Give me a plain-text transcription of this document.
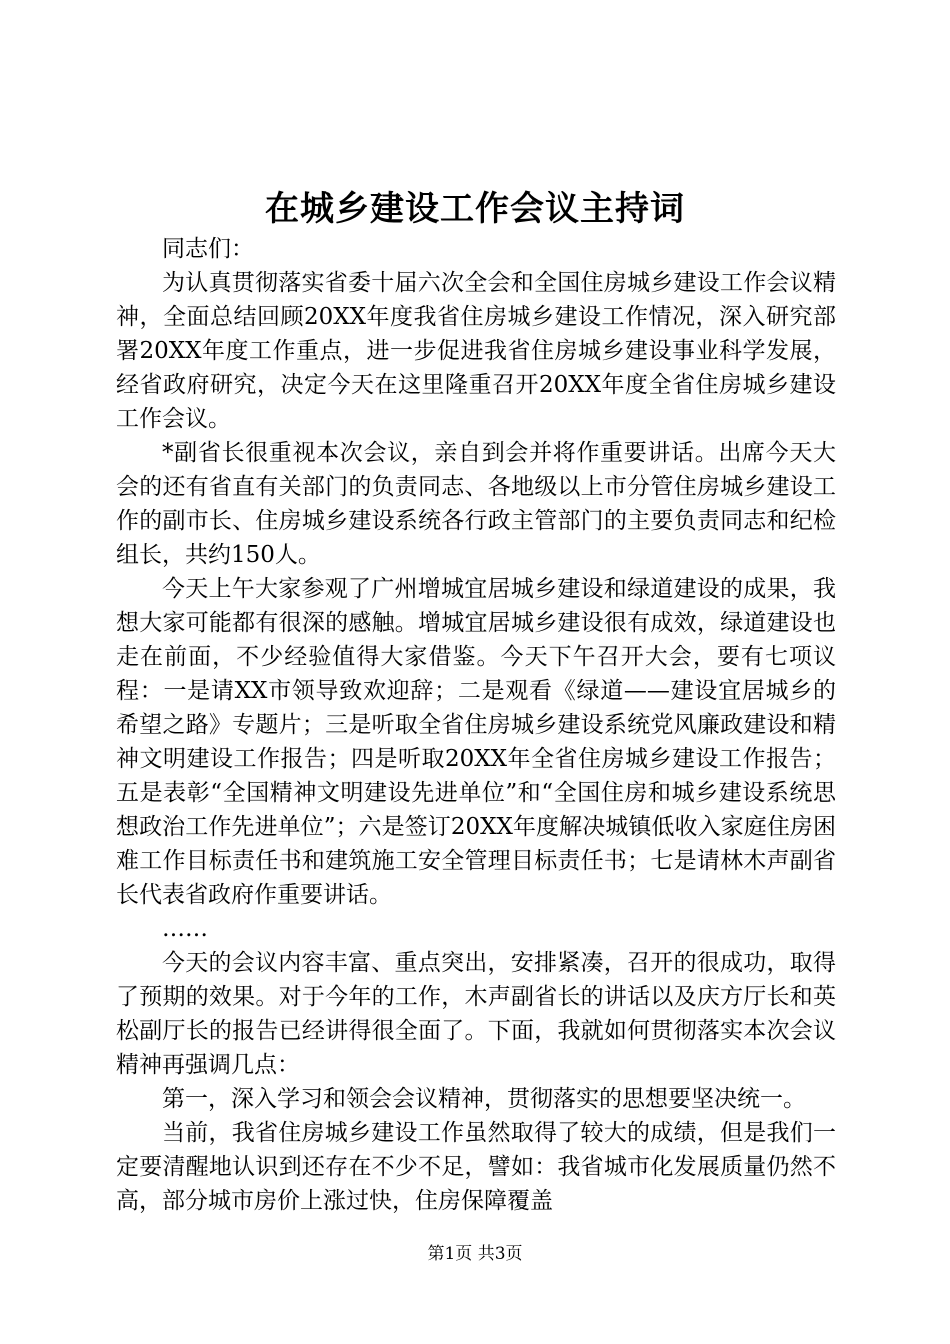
在城乡建设工作会议主持词

同志们：

为认真贯彻落实省委十届六次全会和全国住房城乡建设工作会议精神，全面总结回顾20XX年度我省住房城乡建设工作情况，深入研究部署20XX年度工作重点，进一步促进我省住房城乡建设事业科学发展，经省政府研究，决定今天在这里隆重召开20XX年度全省住房城乡建设工作会议。

*副省长很重视本次会议，亲自到会并将作重要讲话。出席今天大会的还有省直有关部门的负责同志、各地级以上市分管住房城乡建设工作的副市长、住房城乡建设系统各行政主管部门的主要负责同志和纪检组长，共约150人。

今天上午大家参观了广州增城宜居城乡建设和绿道建设的成果，我想大家可能都有很深的感触。增城宜居城乡建设很有成效，绿道建设也走在前面，不少经验值得大家借鉴。今天下午召开大会，要有七项议程：一是请XX市领导致欢迎辞；二是观看《绿道——建设宜居城乡的希望之路》专题片；三是听取全省住房城乡建设系统党风廉政建设和精神文明建设工作报告；四是听取20XX年全省住房城乡建设工作报告；五是表彰“全国精神文明建设先进单位”和“全国住房和城乡建设系统思想政治工作先进单位”；六是签订20XX年度解决城镇低收入家庭住房困难工作目标责任书和建筑施工安全管理目标责任书；七是请林木声副省长代表省政府作重要讲话。

……

今天的会议内容丰富、重点突出，安排紧凑，召开的很成功，取得了预期的效果。对于今年的工作，木声副省长的讲话以及庆方厅长和英松副厅长的报告已经讲得很全面了。下面，我就如何贯彻落实本次会议精神再强调几点：

第一，深入学习和领会会议精神，贯彻落实的思想要坚决统一。

当前，我省住房城乡建设工作虽然取得了较大的成绩，但是我们一定要清醒地认识到还存在不少不足，譬如：我省城市化发展质量仍然不高，部分城市房价上涨过快，住房保障覆盖

第1页 共3页
